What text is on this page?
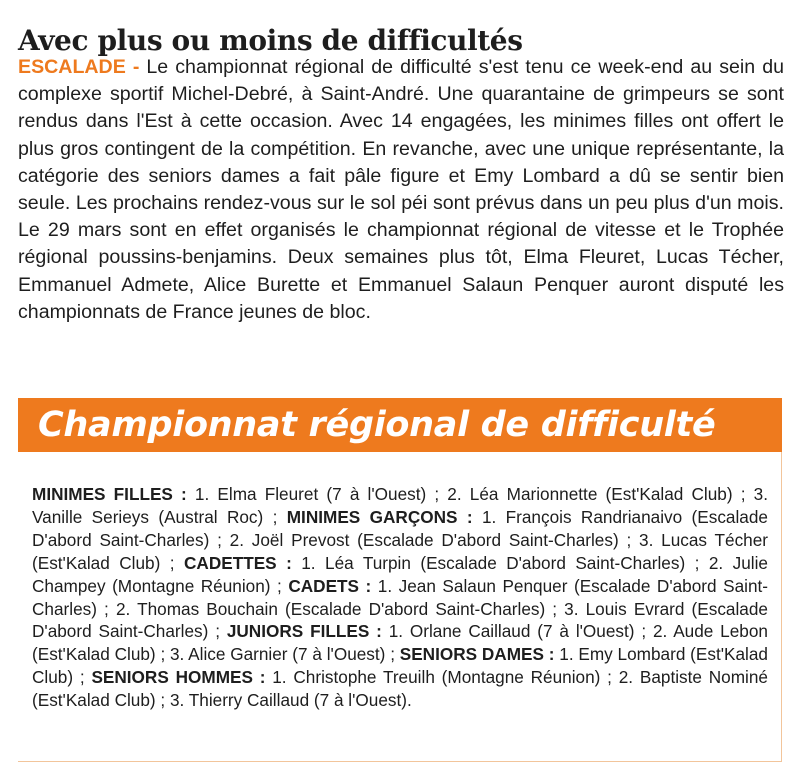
Avec plus ou moins de difficultés

ESCALADE - Le championnat régional de difficulté s'est tenu ce week-end au sein du complexe sportif Michel-Debré, à Saint-André. Une quarantaine de grimpeurs se sont rendus dans l'Est à cette occasion. Avec 14 engagées, les minimes filles ont offert le plus gros contingent de la compétition. En revanche, avec une unique représentante, la catégorie des seniors dames a fait pâle figure et Emy Lombard a dû se sentir bien seule. Les prochains rendez-vous sur le sol péi sont prévus dans un peu plus d'un mois. Le 29 mars sont en effet organisés le championnat régional de vitesse et le Trophée régional poussins-benjamins. Deux semaines plus tôt, Elma Fleuret, Lucas Técher, Emmanuel Admete, Alice Burette et Emmanuel Salaun Penquer auront disputé les championnats de France jeunes de bloc.

Championnat régional de difficulté

MINIMES FILLES : 1. Elma Fleuret (7 à l'Ouest) ; 2. Léa Marionnette (Est'Kalad Club) ; 3. Vanille Serieys (Austral Roc) ; MINIMES GARÇONS : 1. François Randrianaivo (Escalade D'abord Saint-Charles) ; 2. Joël Prevost (Escalade D'abord Saint-Charles) ; 3. Lucas Técher (Est'Kalad Club) ; CADETTES : 1. Léa Turpin (Escalade D'abord Saint-Charles) ; 2. Julie Champey (Montagne Réunion) ; CADETS : 1. Jean Salaun Penquer (Escalade D'abord Saint-Charles) ; 2. Thomas Bouchain (Escalade D'abord Saint-Charles) ; 3. Louis Evrard (Escalade D'abord Saint-Charles) ; JUNIORS FILLES : 1. Orlane Caillaud (7 à l'Ouest) ; 2. Aude Lebon (Est'Kalad Club) ; 3. Alice Garnier (7 à l'Ouest) ; SENIORS DAMES : 1. Emy Lombard (Est'Kalad Club) ; SENIORS HOMMES : 1. Christophe Treuilh (Montagne Réunion) ; 2. Baptiste Nominé (Est'Kalad Club) ; 3. Thierry Caillaud (7 à l'Ouest).
